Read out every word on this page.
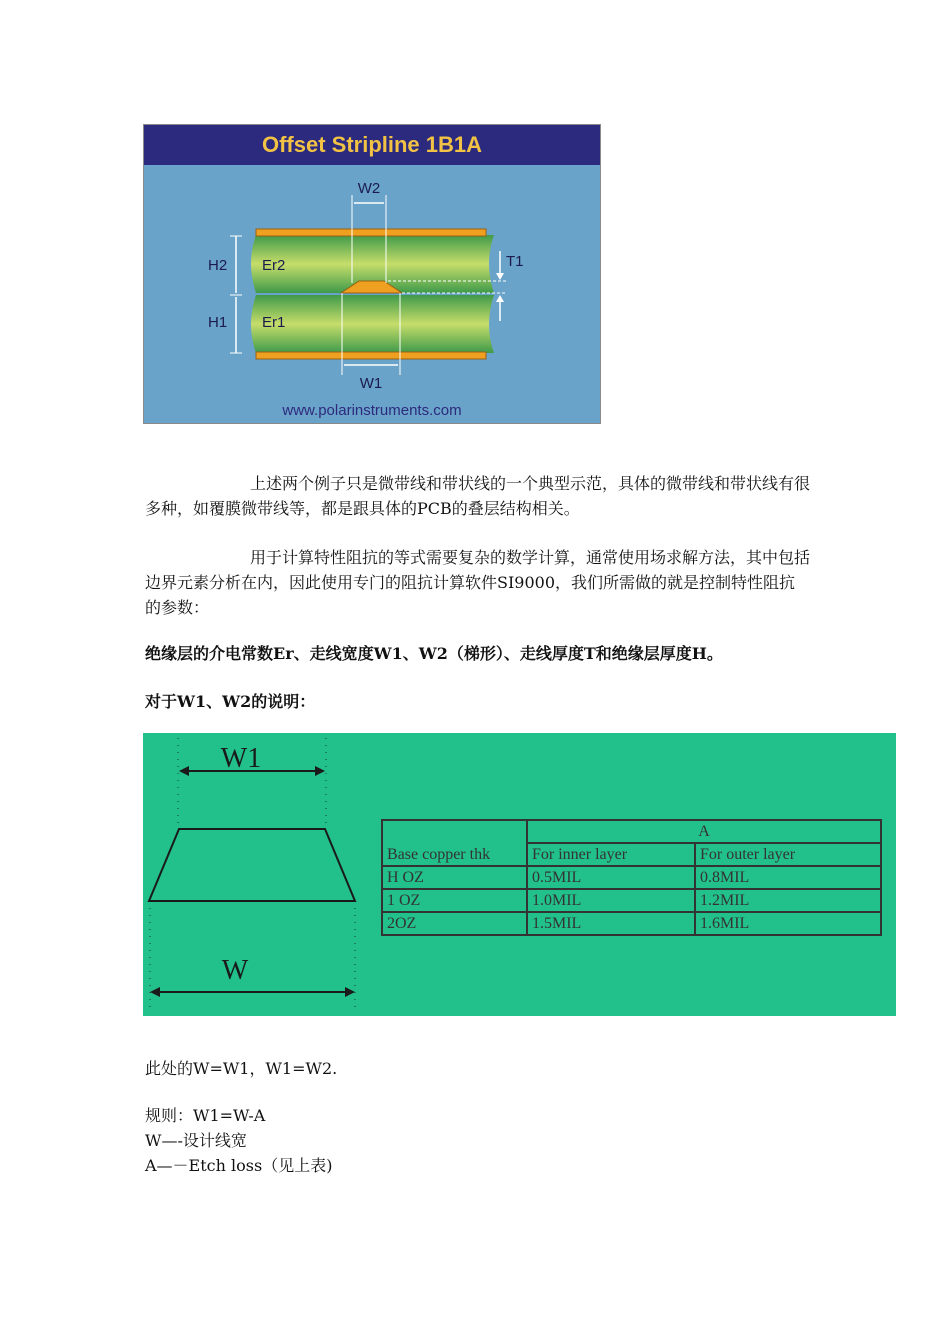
W2
W1
H2
H1
Er2
Er1
T1
www.polarinstruments.com
Offset Stripline 1B1A
上述两个例子只是微带线和带状线的一个典型示范，具体的微带线和带状线有很多种，如覆膜微带线等，都是跟具体的PCB的叠层结构相关。
用于计算特性阻抗的等式需要复杂的数学计算，通常使用场求解方法，其中包括边界元素分析在内，因此使用专门的阻抗计算软件SI9000，我们所需做的就是控制特性阻抗的参数：
绝缘层的介电常数Er、走线宽度W1、W2（梯形）、走线厚度T和绝缘层厚度H。
对于W1、W2的说明：
W1
W
Base copper thk	A	
	For inner layer	For outer layer
H OZ	0.5MIL	0.8MIL
1 OZ	1.0MIL	1.2MIL
2OZ	1.5MIL	1.6MIL
此处的W=W1，W1=W2.
规则：W1=W-A
W—-设计线宽
A—－Etch loss（见上表)
